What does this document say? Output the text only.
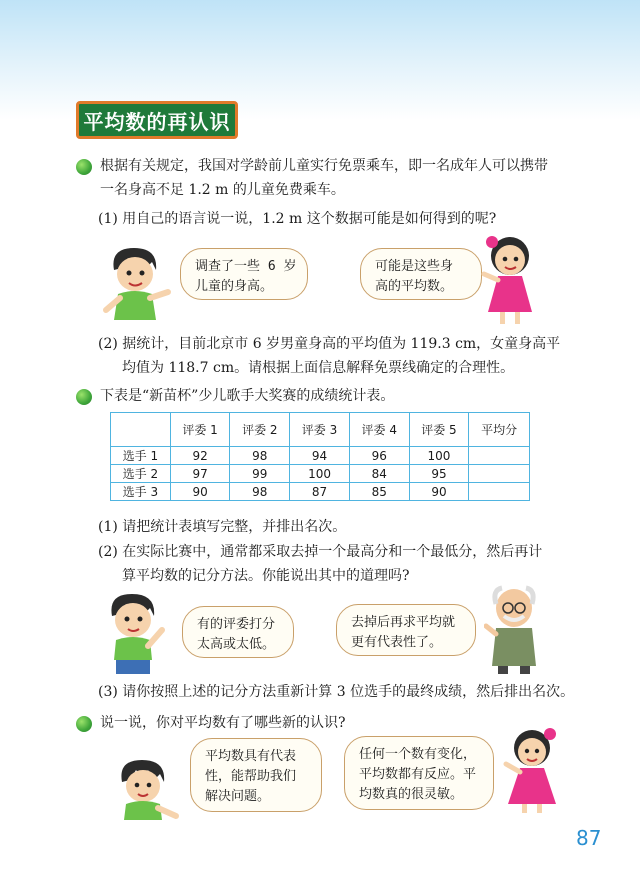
平均数的再认识
根据有关规定，我国对学龄前儿童实行免票乘车，即一名成年人可以携带
一名身高不足 1.2 m 的儿童免费乘车。
(1) 用自己的语言说一说，1.2 m 这个数据可能是如何得到的呢?
调查了一些 6 岁
儿童的身高。
可能是这些身
高的平均数。
(2) 据统计，目前北京市 6 岁男童身高的平均值为 119.3 cm，女童身高平
均值为 118.7 cm。请根据上面信息解释免票线确定的合理性。
下表是“新苗杯”少儿歌手大奖赛的成绩统计表。
	评委 1	评委 2	评委 3	评委 4	评委 5	平均分
选手 1	92	98	94	96	100	
选手 2	97	99	100	84	95	
选手 3	90	98	87	85	90	
(1) 请把统计表填写完整，并排出名次。
(2) 在实际比赛中，通常都采取去掉一个最高分和一个最低分，然后再计
算平均数的记分方法。你能说出其中的道理吗?
有的评委打分
太高或太低。
去掉后再求平均就
更有代表性了。
(3) 请你按照上述的记分方法重新计算 3 位选手的最终成绩，然后排出名次。
说一说，你对平均数有了哪些新的认识?
平均数具有代表
性，能帮助我们
解决问题。
任何一个数有变化，
平均数都有反应。平
均数真的很灵敏。
87
